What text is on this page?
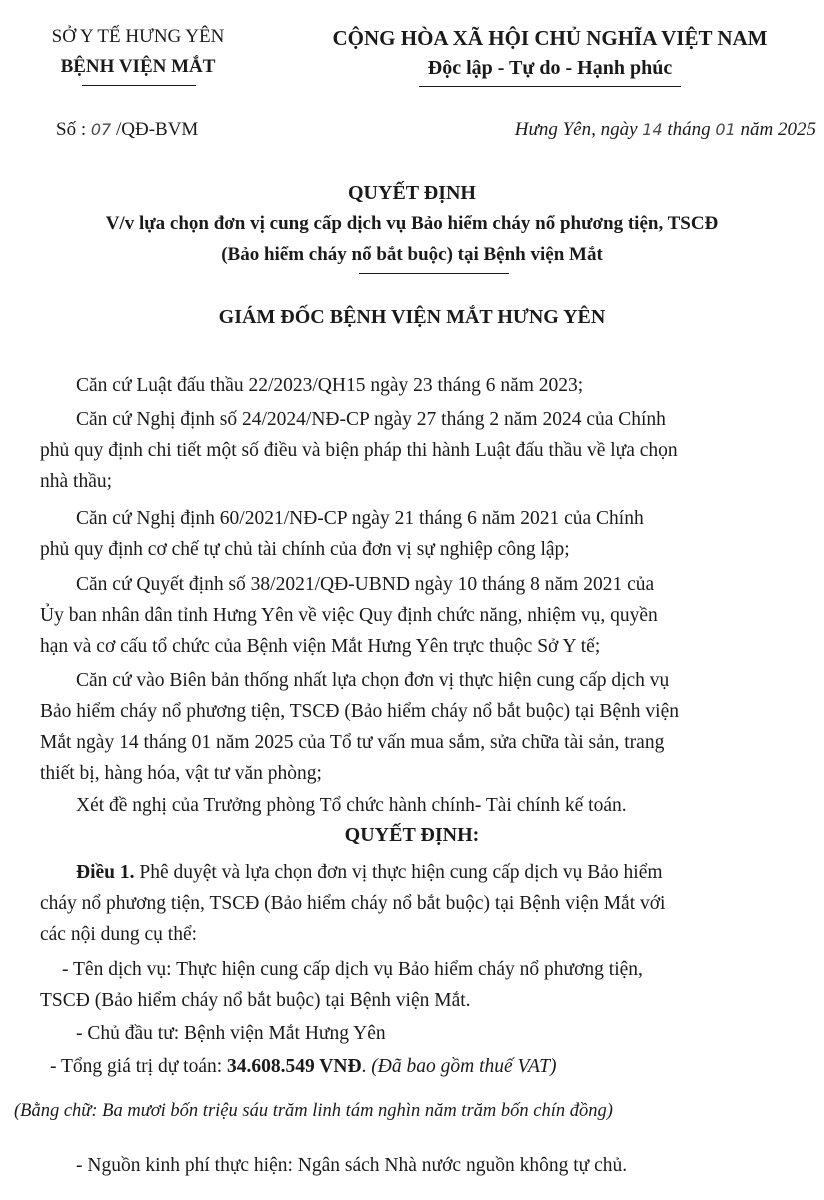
SỞ Y TẾ HƯNG YÊN
BỆNH VIỆN MẮT
CỘNG HÒA XÃ HỘI CHỦ NGHĨA VIỆT NAM
Độc lập - Tự do - Hạnh phúc
Số : 07 /QĐ-BVM	Hưng Yên, ngày 14 tháng 01 năm 2025
QUYẾT ĐỊNH
V/v lựa chọn đơn vị cung cấp dịch vụ Bảo hiểm cháy nổ phương tiện, TSCĐ
(Bảo hiểm cháy nổ bắt buộc) tại Bệnh viện Mắt
GIÁM ĐỐC BỆNH VIỆN MẮT HƯNG YÊN
Căn cứ Luật đấu thầu 22/2023/QH15 ngày 23 tháng 6 năm 2023;
Căn cứ Nghị định số 24/2024/NĐ-CP ngày 27 tháng 2 năm 2024 của Chính
phủ quy định chi tiết một số điều và biện pháp thi hành Luật đấu thầu về lựa chọn
nhà thầu;
Căn cứ Nghị định 60/2021/NĐ-CP ngày 21 tháng 6 năm 2021 của Chính
phủ quy định cơ chế tự chủ tài chính của đơn vị sự nghiệp công lập;
Căn cứ Quyết định số 38/2021/QĐ-UBND ngày 10 tháng 8 năm 2021 của
Ủy ban nhân dân tỉnh Hưng Yên về việc Quy định chức năng, nhiệm vụ, quyền
hạn và cơ cấu tổ chức của Bệnh viện Mắt Hưng Yên trực thuộc Sở Y tế;
Căn cứ vào Biên bản thống nhất lựa chọn đơn vị thực hiện cung cấp dịch vụ
Bảo hiểm cháy nổ phương tiện, TSCĐ (Bảo hiểm cháy nổ bắt buộc) tại Bệnh viện
Mắt ngày 14 tháng 01 năm 2025 của Tổ tư vấn mua sắm, sửa chữa tài sản, trang
thiết bị, hàng hóa, vật tư văn phòng;
Xét đề nghị của Trưởng phòng Tổ chức hành chính- Tài chính kế toán.
QUYẾT ĐỊNH:
Điều 1. Phê duyệt và lựa chọn đơn vị thực hiện cung cấp dịch vụ Bảo hiểm
cháy nổ phương tiện, TSCĐ (Bảo hiểm cháy nổ bắt buộc) tại Bệnh viện Mắt với
các nội dung cụ thể:
- Tên dịch vụ: Thực hiện cung cấp dịch vụ Bảo hiểm cháy nổ phương tiện,
TSCĐ (Bảo hiểm cháy nổ bắt buộc) tại Bệnh viện Mắt.
- Chủ đầu tư: Bệnh viện Mắt Hưng Yên
- Tổng giá trị dự toán: 34.608.549 VNĐ. (Đã bao gồm thuế VAT)
(Bằng chữ: Ba mươi bốn triệu sáu trăm linh tám nghìn năm trăm bốn chín đồng)
- Nguồn kinh phí thực hiện: Ngân sách Nhà nước nguồn không tự chủ.
